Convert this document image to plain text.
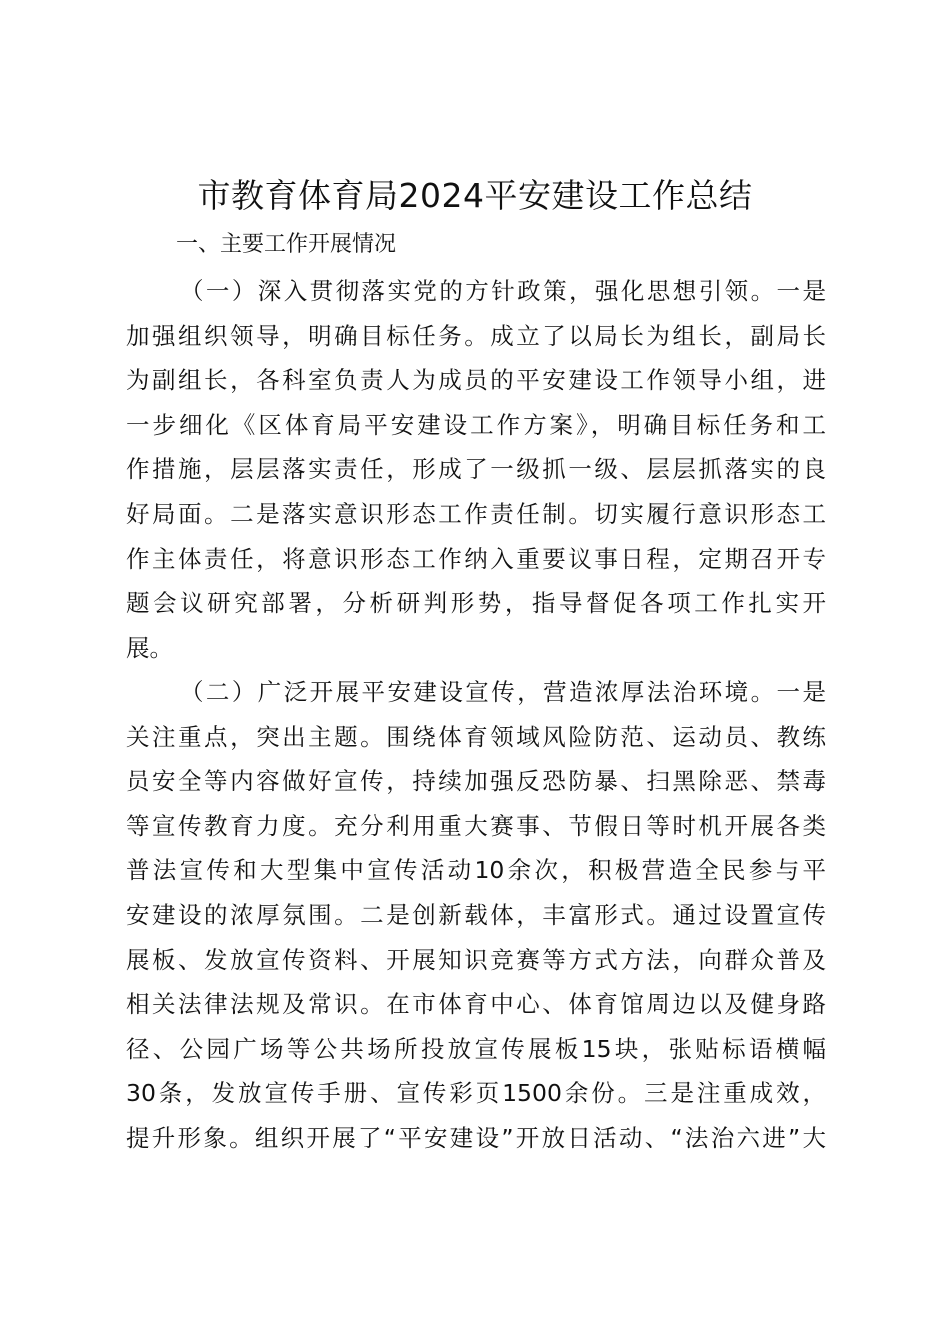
市教育体育局2024平安建设工作总结
一、主要工作开展情况
（一）深入贯彻落实党的方针政策，强化思想引领。一是
加强组织领导，明确目标任务。成立了以局长为组长，副局长
为副组长，各科室负责人为成员的平安建设工作领导小组，进
一步细化《区体育局平安建设工作方案》，明确目标任务和工
作措施，层层落实责任，形成了一级抓一级、层层抓落实的良
好局面。二是落实意识形态工作责任制。切实履行意识形态工
作主体责任，将意识形态工作纳入重要议事日程，定期召开专
题会议研究部署，分析研判形势，指导督促各项工作扎实开
展。
（二）广泛开展平安建设宣传，营造浓厚法治环境。一是
关注重点，突出主题。围绕体育领域风险防范、运动员、教练
员安全等内容做好宣传，持续加强反恐防暴、扫黑除恶、禁毒
等宣传教育力度。充分利用重大赛事、节假日等时机开展各类
普法宣传和大型集中宣传活动10余次，积极营造全民参与平
安建设的浓厚氛围。二是创新载体，丰富形式。通过设置宣传
展板、发放宣传资料、开展知识竞赛等方式方法，向群众普及
相关法律法规及常识。在市体育中心、体育馆周边以及健身路
径、公园广场等公共场所投放宣传展板15块，张贴标语横幅
30条，发放宣传手册、宣传彩页1500余份。三是注重成效，
提升形象。组织开展了“平安建设”开放日活动、“法治六进”大
